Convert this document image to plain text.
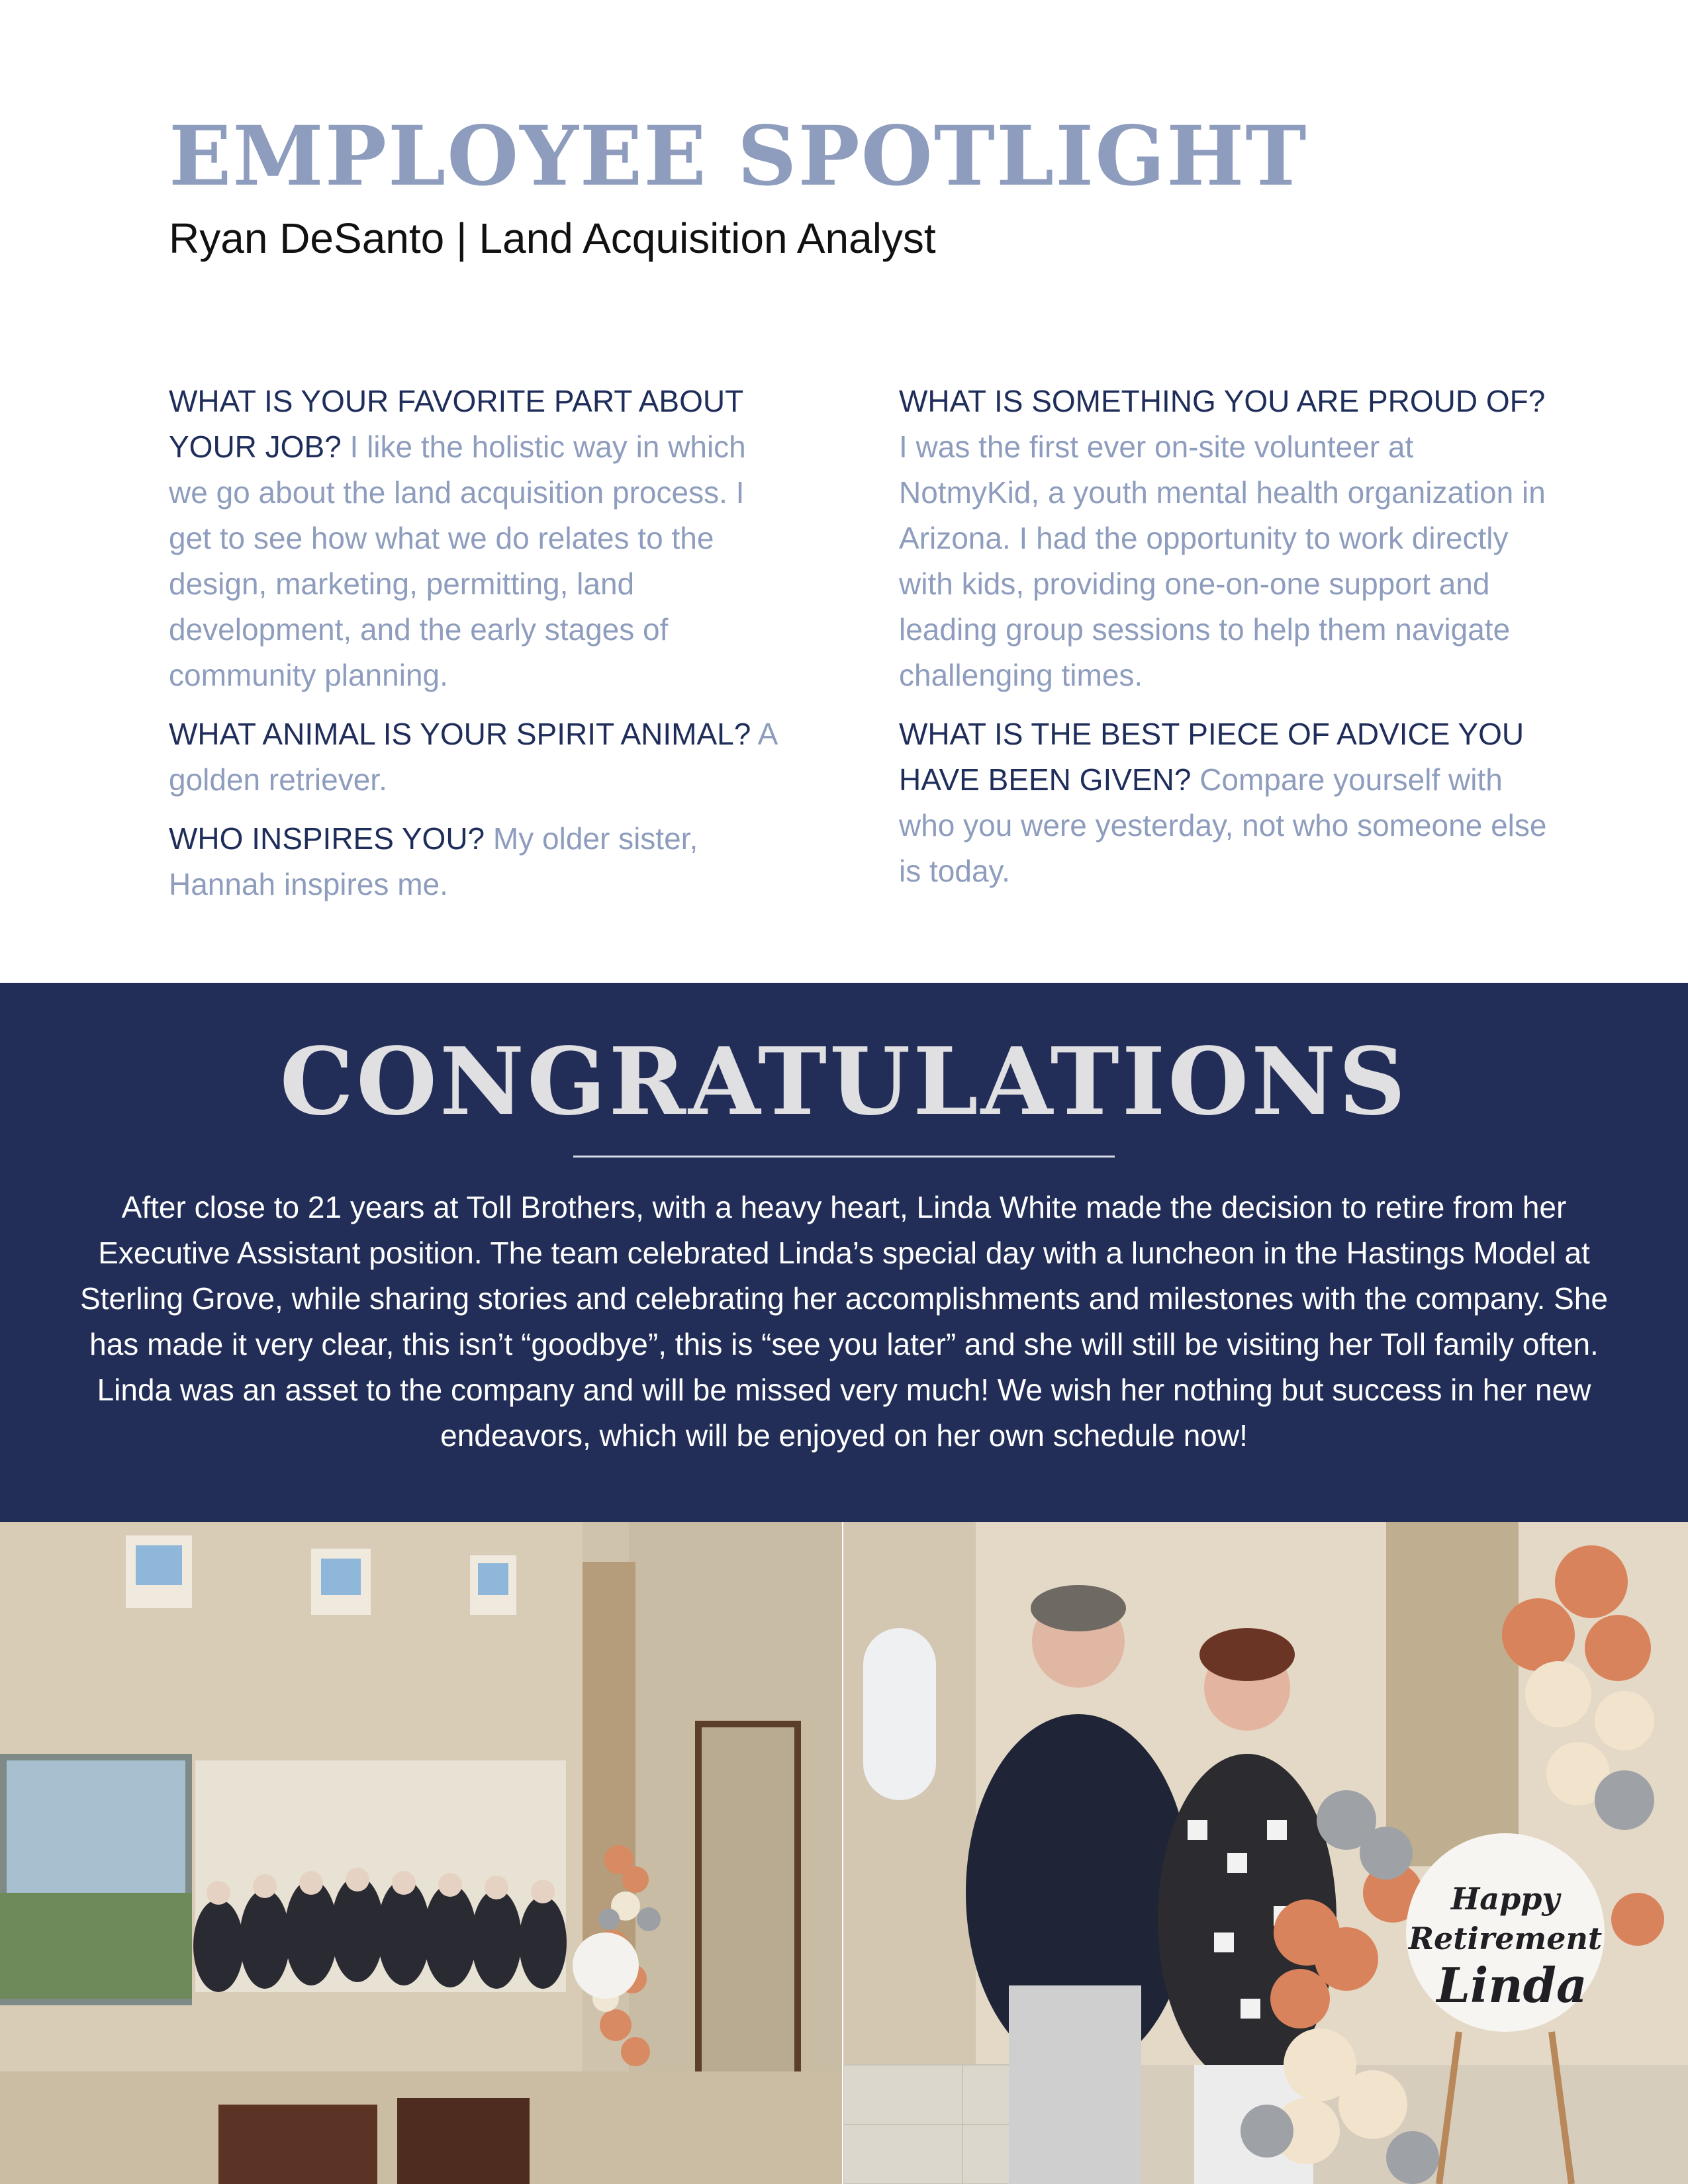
EMPLOYEE SPOTLIGHT

Ryan DeSanto | Land Acquisition Analyst

WHAT IS YOUR FAVORITE PART ABOUT YOUR JOB? I like the holistic way in which we go about the land acquisition process. I get to see how what we do relates to the design, marketing, permitting, land development, and the early stages of community planning.

WHAT ANIMAL IS YOUR SPIRIT ANIMAL? A golden retriever.

WHO INSPIRES YOU? My older sister, Hannah inspires me.

WHAT IS SOMETHING YOU ARE PROUD OF? I was the first ever on-site volunteer at NotmyKid, a youth mental health organization in Arizona. I had the opportunity to work directly with kids, providing one-on-one support and leading group sessions to help them navigate challenging times.

WHAT IS THE BEST PIECE OF ADVICE YOU HAVE BEEN GIVEN? Compare yourself with who you were yesterday, not who someone else is today.

CONGRATULATIONS

After close to 21 years at Toll Brothers, with a heavy heart, Linda White made the decision to retire from her Executive Assistant position. The team celebrated Linda’s special day with a luncheon in the Hastings Model at Sterling Grove, while sharing stories and celebrating her accomplishments and milestones with the company. She has made it very clear, this isn’t “goodbye”, this is “see you later” and she will still be visiting her Toll family often. Linda was an asset to the company and will be missed very much! We wish her nothing but success in her new endeavors, which will be enjoyed on her own schedule now!

Happy
Retirement
Linda
